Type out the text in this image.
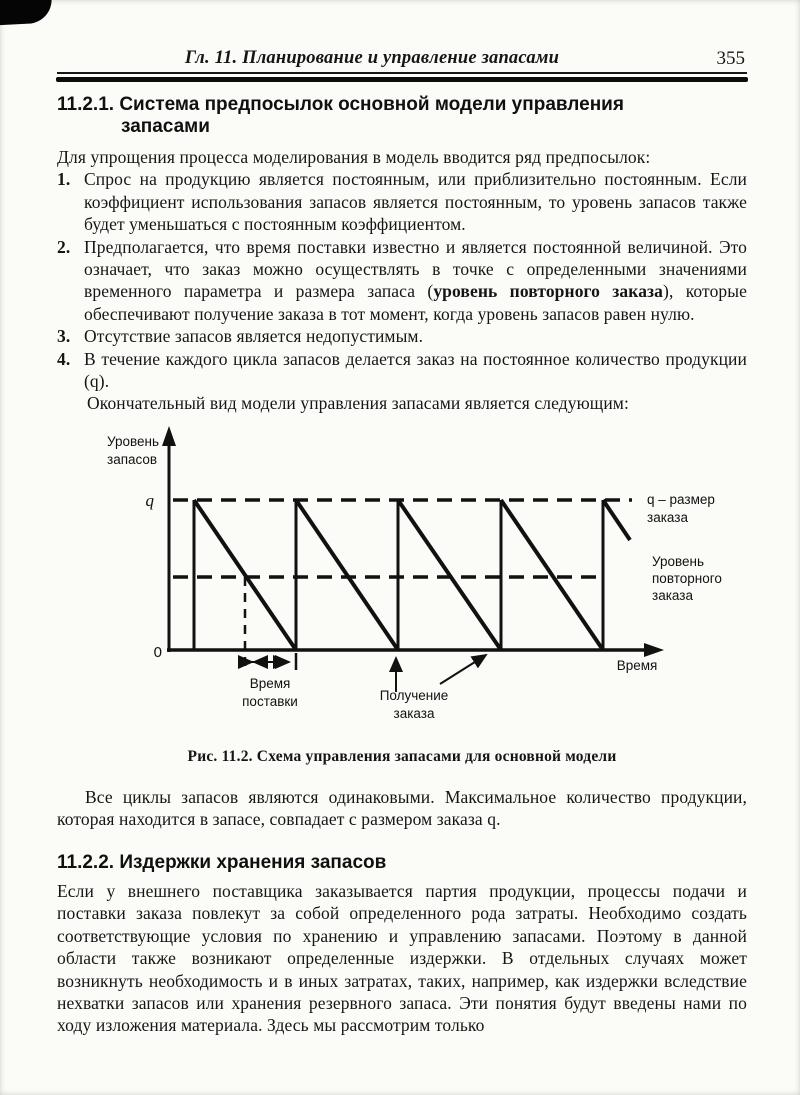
Гл. 11. Планирование и управление запасами	355
11.2.1. Система предпосылок основной модели управления запасами
Для упрощения процесса моделирования в модель вводится ряд предпосылок:
1. Спрос на продукцию является постоянным, или приблизительно постоянным. Если коэффициент использования запасов является постоянным, то уровень запасов также будет уменьшаться с постоянным коэффициентом.
2. Предполагается, что время поставки известно и является постоянной величиной. Это означает, что заказ можно осуществлять в точке с определенными значениями временного параметра и размера запаса (уровень повторного заказа), которые обеспечивают получение заказа в тот момент, когда уровень запасов равен нулю.
3. Отсутствие запасов является недопустимым.
4. В течение каждого цикла запасов делается заказ на постоянное количество продукции (q).
Окончательный вид модели управления запасами является следующим:
Уровень
запасов
q
0
q – размер
заказа
Уровень
повторного
заказа
Время
Время
поставки	Получение
заказа
Рис. 11.2. Схема управления запасами для основной модели

Все циклы запасов являются одинаковыми. Максимальное количество продукции, которая находится в запасе, совпадает с размером заказа q.

11.2.2. Издержки хранения запасов
Если у внешнего поставщика заказывается партия продукции, процессы подачи и поставки заказа повлекут за собой определенного рода затраты. Необходимо создать соответствующие условия по хранению и управлению запасами. Поэтому в данной области также возникают определенные издержки. В отдельных случаях может возникнуть необходимость и в иных затратах, таких, например, как издержки вследствие нехватки запасов или хранения резервного запаса. Эти понятия будут введены нами по ходу изложения материала. Здесь мы рассмотрим только
